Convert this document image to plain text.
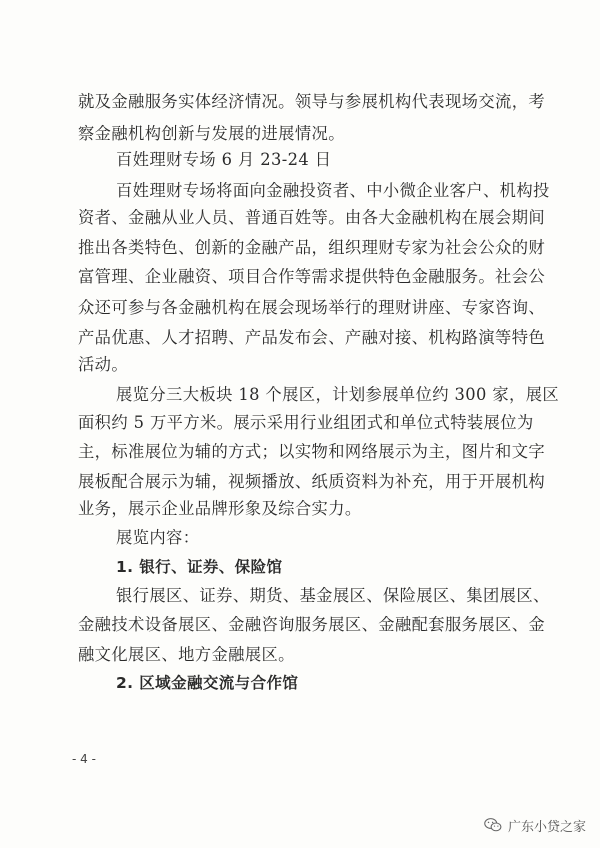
就及金融服务实体经济情况。领导与参展机构代表现场交流，考
察金融机构创新与发展的进展情况。
百姓理财专场 6 月 23-24 日
百姓理财专场将面向金融投资者、中小微企业客户、机构投
资者、金融从业人员、普通百姓等。由各大金融机构在展会期间
推出各类特色、创新的金融产品，组织理财专家为社会公众的财
富管理、企业融资、项目合作等需求提供特色金融服务。社会公
众还可参与各金融机构在展会现场举行的理财讲座、专家咨询、
产品优惠、人才招聘、产品发布会、产融对接、机构路演等特色
活动。
展览分三大板块 18 个展区，计划参展单位约 300 家，展区
面积约 5 万平方米。展示采用行业组团式和单位式特装展位为
主，标准展位为辅的方式；以实物和网络展示为主，图片和文字
展板配合展示为辅，视频播放、纸质资料为补充，用于开展机构
业务，展示企业品牌形象及综合实力。
展览内容：
1. 银行、证券、保险馆
银行展区、证券、期货、基金展区、保险展区、集团展区、
金融技术设备展区、金融咨询服务展区、金融配套服务展区、金
融文化展区、地方金融展区。
2. 区域金融交流与合作馆
- 4 -
广东小贷之家
